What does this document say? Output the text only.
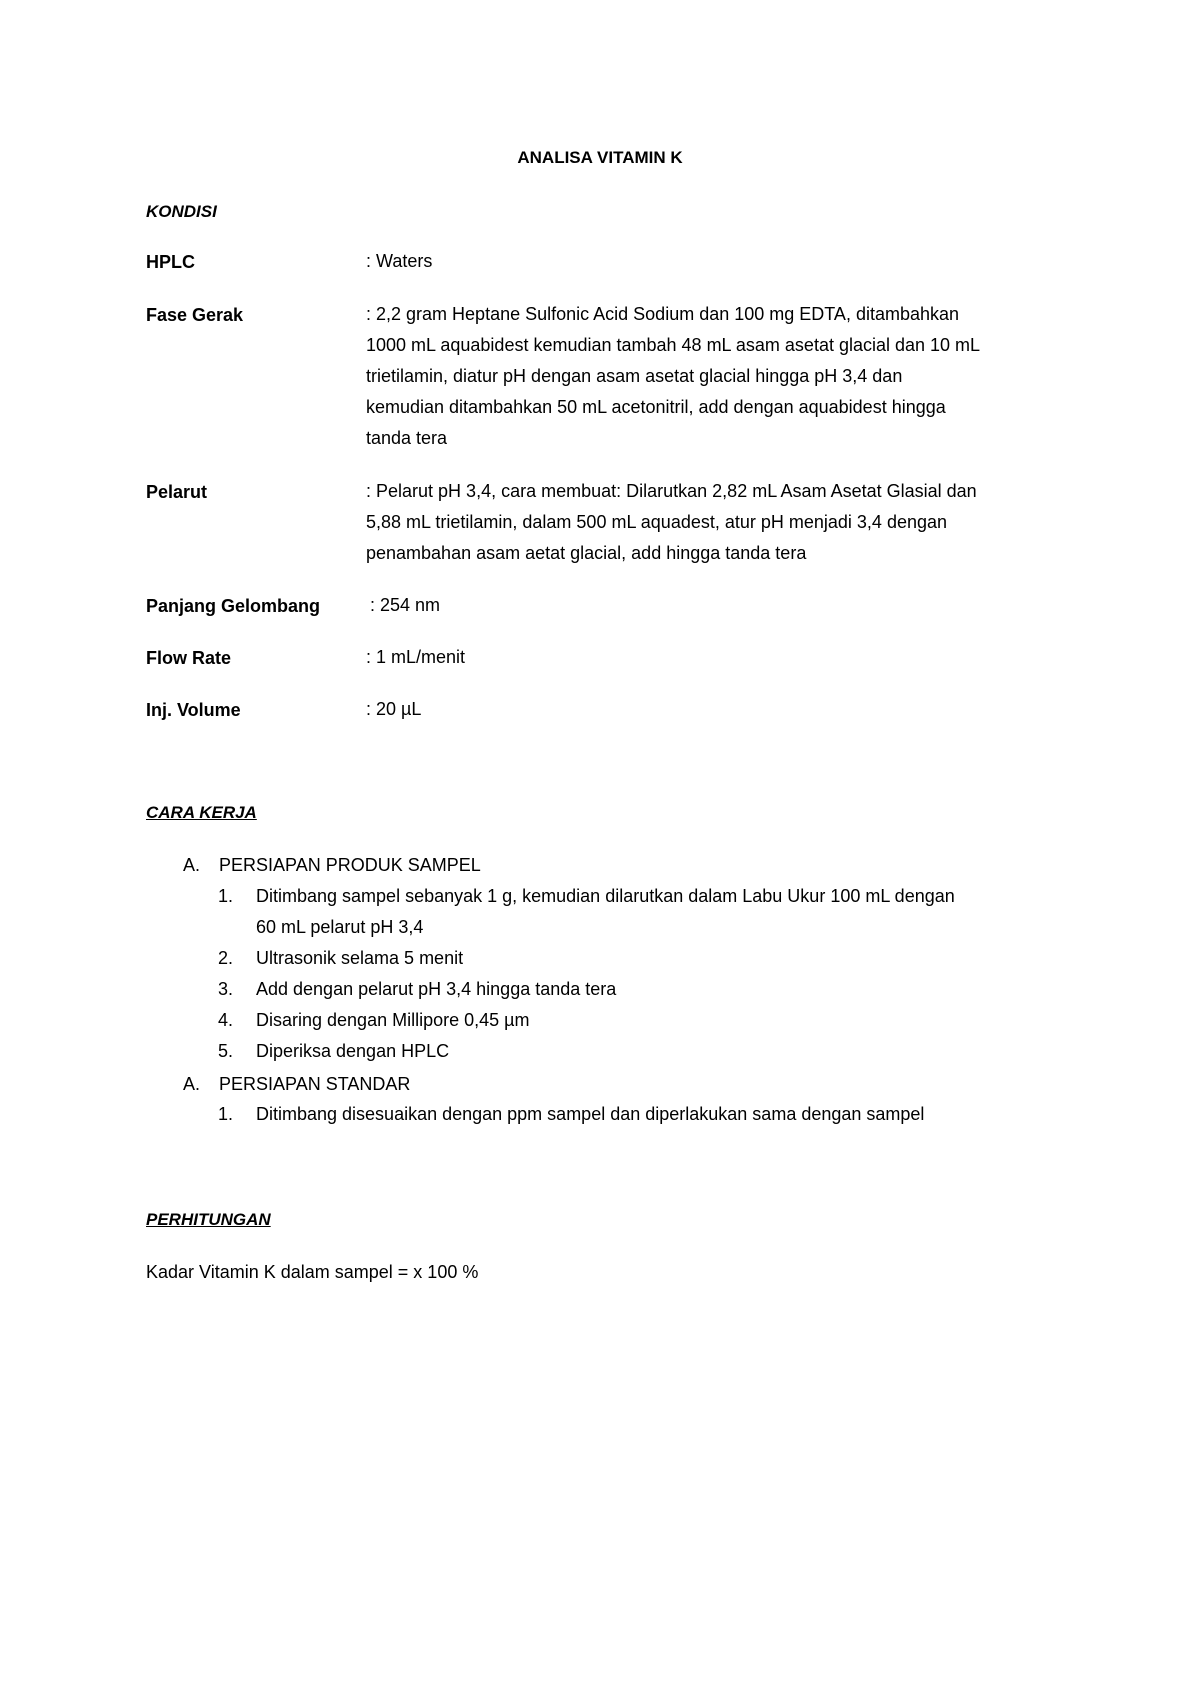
ANALISA VITAMIN K
KONDISI
HPLC	: Waters
Fase Gerak	: 2,2 gram Heptane Sulfonic Acid Sodium dan 100 mg EDTA, ditambahkan
1000 mL aquabidest kemudian tambah 48 mL asam asetat glacial dan 10 mL
trietilamin, diatur pH dengan asam asetat glacial hingga pH 3,4 dan
kemudian ditambahkan 50 mL acetonitril, add dengan aquabidest hingga
tanda tera
Pelarut	: Pelarut pH 3,4, cara membuat: Dilarutkan 2,82 mL Asam Asetat Glasial dan
5,88 mL trietilamin, dalam 500 mL aquadest, atur pH menjadi 3,4 dengan
penambahan asam aetat glacial, add hingga tanda tera
Panjang Gelombang	: 254 nm
Flow Rate	: 1 mL/menit
Inj. Volume	: 20 µL
CARA KERJA
A. PERSIAPAN PRODUK SAMPEL
1. Ditimbang sampel sebanyak 1 g, kemudian dilarutkan dalam Labu Ukur 100 mL dengan
60 mL pelarut pH 3,4
2. Ultrasonik selama 5 menit
3. Add dengan pelarut pH 3,4 hingga tanda tera
4. Disaring dengan Millipore 0,45 µm
5. Diperiksa dengan HPLC
A. PERSIAPAN STANDAR
1. Ditimbang disesuaikan dengan ppm sampel dan diperlakukan sama dengan sampel
PERHITUNGAN
Kadar Vitamin K dalam sampel = x 100 %
